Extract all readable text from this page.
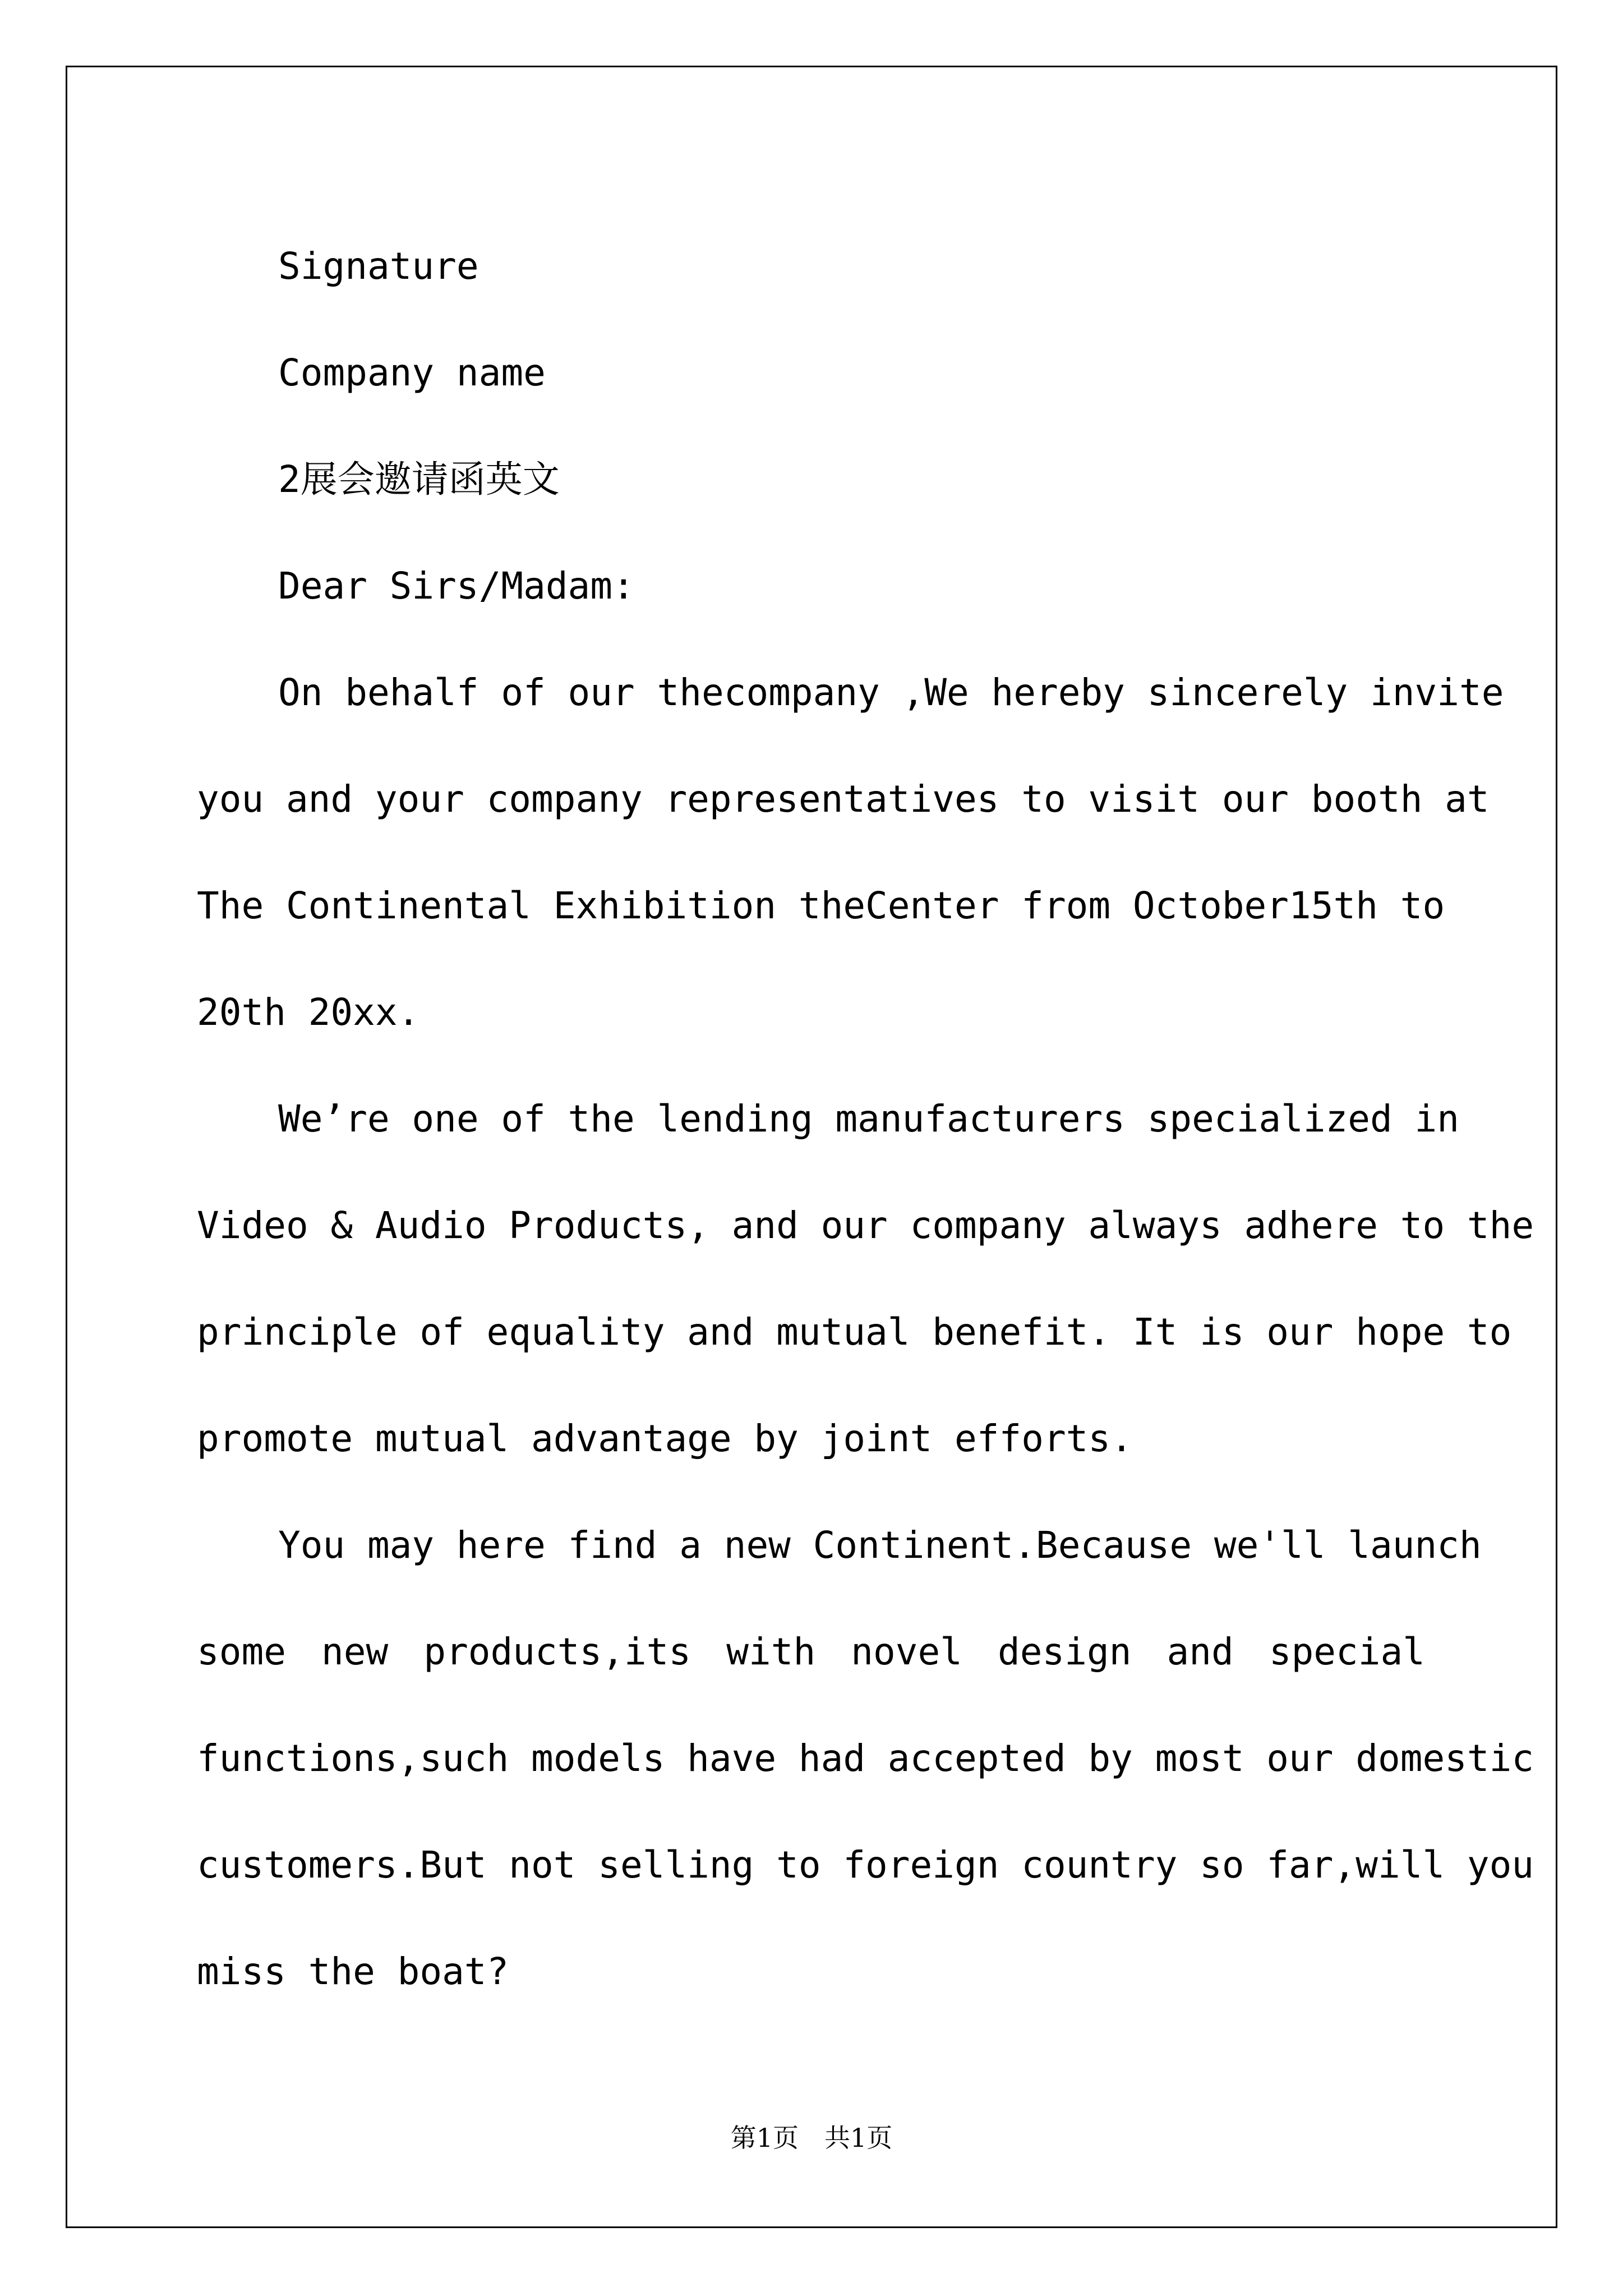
Signature
Company name
2展会邀请函英文
Dear Sirs/Madam:
On behalf of our thecompany ,We hereby sincerely invite
you and your company representatives to visit our booth at
The Continental Exhibition theCenter from October15th to
20th 20xx.
We’re one of the lending manufacturers specialized in
Video & Audio Products, and our company always adhere to the
principle of equality and mutual benefit. It is our hope to
promote mutual advantage by joint efforts.
You may here find a new Continent.Because we'll launch
some new products,its with novel design and special
functions,such models have had accepted by most our domestic
customers.But not selling to foreign country so far,will you
miss the boat?
第1页 共1页
